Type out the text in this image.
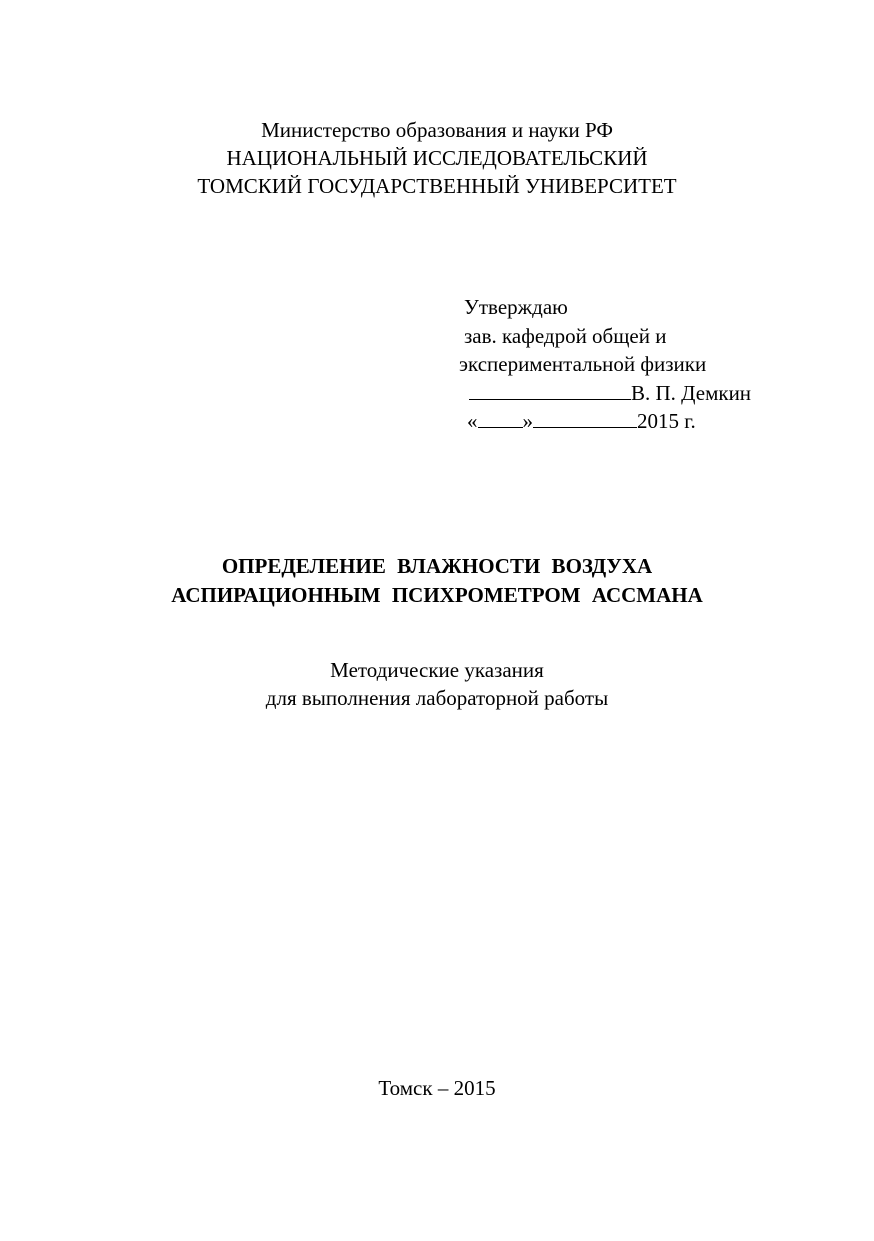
Министерство образования и науки РФ
НАЦИОНАЛЬНЫЙ ИССЛЕДОВАТЕЛЬСКИЙ
ТОМСКИЙ ГОСУДАРСТВЕННЫЙ УНИВЕРСИТЕТ
Утверждаю
зав. кафедрой общей и
экспериментальной физики
В. П. Демкин
« »	2015 г.
ОПРЕДЕЛЕНИЕ ВЛАЖНОСТИ ВОЗДУХА
АСПИРАЦИОННЫМ ПСИХРОМЕТРОМ АССМАНА
Методические указания
для выполнения лабораторной работы
Томск – 2015
